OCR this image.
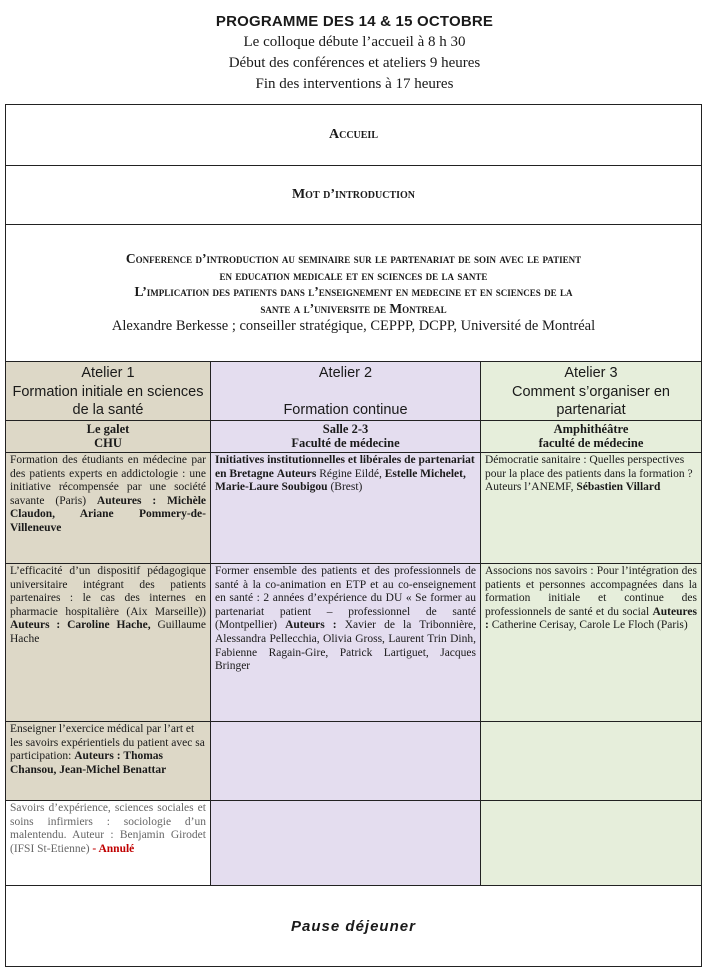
PROGRAMME DES 14 & 15 OCTOBRE
Le colloque débute l’accueil à 8 h 30
Début des conférences et ateliers 9 heures
Fin des interventions à 17 heures
Accueil
Mot d’introduction
Conference d’introduction au seminaire sur le partenariat de soin avec le patient
en education medicale et en sciences de la sante
L’implication des patients dans l’enseignement en medecine et en sciences de la
sante a l’universite de Montreal
Alexandre Berkesse ; conseiller stratégique, CEPPP, DCPP, Université de Montréal
Atelier 1
Formation initiale en sciences de la santé
Le galet
CHU
Formation des étudiants en médecine par des patients experts en addictologie : une initiative récompensée par une société savante (Paris) Auteures : Michèle Claudon, Ariane Pommery-de-Villeneuve
L’efficacité d’un dispositif pédagogique universitaire intégrant des patients partenaires : le cas des internes en pharmacie hospitalière (Aix Marseille)) Auteurs : Caroline Hache, Guillaume Hache
Enseigner l’exercice médical par l’art et les savoirs expérientiels du patient avec sa participation: Auteurs : Thomas Chansou, Jean-Michel Benattar
Savoirs d’expérience, sciences sociales et soins infirmiers : sociologie d’un malentendu. Auteur : Benjamin Girodet (IFSI St-Etienne) - Annulé
Atelier 2
Formation continue
Salle 2-3
Faculté de médecine
Initiatives institutionnelles et libérales de partenariat en Bretagne Auteurs Régine Eildé, Estelle Michelet, Marie-Laure Soubigou (Brest)
Former ensemble des patients et des professionnels de santé à la co-animation en ETP et au co-enseignement en santé : 2 années d’expérience du DU « Se former au partenariat patient – professionnel de santé (Montpellier) Auteurs : Xavier de la Tribonnière, Alessandra Pellecchia, Olivia Gross, Laurent Trin Dinh, Fabienne Ragain-Gire, Patrick Lartiguet, Jacques Bringer
Atelier 3
Comment s’organiser en partenariat
Amphithéâtre
faculté de médecine
Démocratie sanitaire : Quelles perspectives pour la place des patients dans la formation ? Auteurs l’ANEMF, Sébastien Villard
Associons nos savoirs : Pour l’intégration des patients et personnes accompagnées dans la formation initiale et continue des professionnels de santé et du social Auteures : Catherine Cerisay, Carole Le Floch (Paris)
Pause déjeuner
